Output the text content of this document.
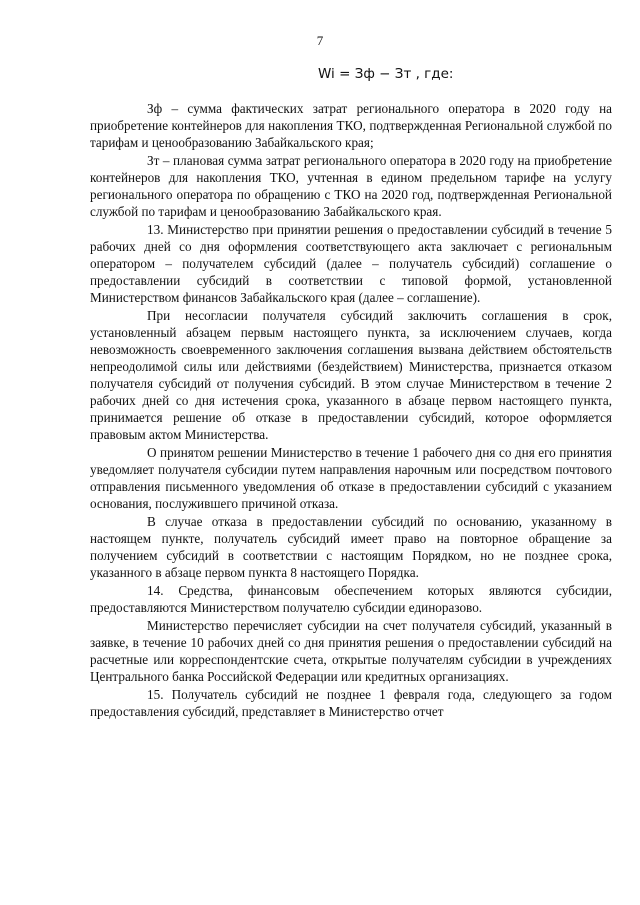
7
Wi = Зф − Зт , где:

Зф – сумма фактических затрат регионального оператора в 2020 году на приобретение контейнеров для накопления ТКО, подтвержденная Региональной службой по тарифам и ценообразованию Забайкальского края;

Зт – плановая сумма затрат регионального оператора в 2020 году на приобретение контейнеров для накопления ТКО, учтенная в едином предельном тарифе на услугу регионального оператора по обращению с ТКО на 2020 год, подтвержденная Региональной службой по тарифам и ценообразованию Забайкальского края.

13. Министерство при принятии решения о предоставлении субсидий в течение 5 рабочих дней со дня оформления соответствующего акта заключает с региональным оператором – получателем субсидий (далее – получатель субсидий) соглашение о предоставлении субсидий в соответствии с типовой формой, установленной Министерством финансов Забайкальского края (далее – соглашение).

При несогласии получателя субсидий заключить соглашения в срок, установленный абзацем первым настоящего пункта, за исключением случаев, когда невозможность своевременного заключения соглашения вызвана действием обстоятельств непреодолимой силы или действиями (бездействием) Министерства, признается отказом получателя субсидий от получения субсидий. В этом случае Министерством в течение 2 рабочих дней со дня истечения срока, указанного в абзаце первом настоящего пункта, принимается решение об отказе в предоставлении субсидий, которое оформляется правовым актом Министерства.

О принятом решении Министерство в течение 1 рабочего дня со дня его принятия уведомляет получателя субсидии путем направления нарочным или посредством почтового отправления письменного уведомления об отказе в предоставлении субсидий с указанием основания, послужившего причиной отказа.

В случае отказа в предоставлении субсидий по основанию, указанному в настоящем пункте, получатель субсидий имеет право на повторное обращение за получением субсидий в соответствии с настоящим Порядком, но не позднее срока, указанного в абзаце первом пункта 8 настоящего Порядка.

14. Средства, финансовым обеспечением которых являются субсидии, предоставляются Министерством получателю субсидии единоразово.

Министерство перечисляет субсидии на счет получателя субсидий, указанный в заявке, в течение 10 рабочих дней со дня принятия решения о предоставлении субсидий на расчетные или корреспондентские счета, открытые получателям субсидии в учреждениях Центрального банка Российской Федерации или кредитных организациях.

15. Получатель субсидий не позднее 1 февраля года, следующего за годом предоставления субсидий, представляет в Министерство отчет
